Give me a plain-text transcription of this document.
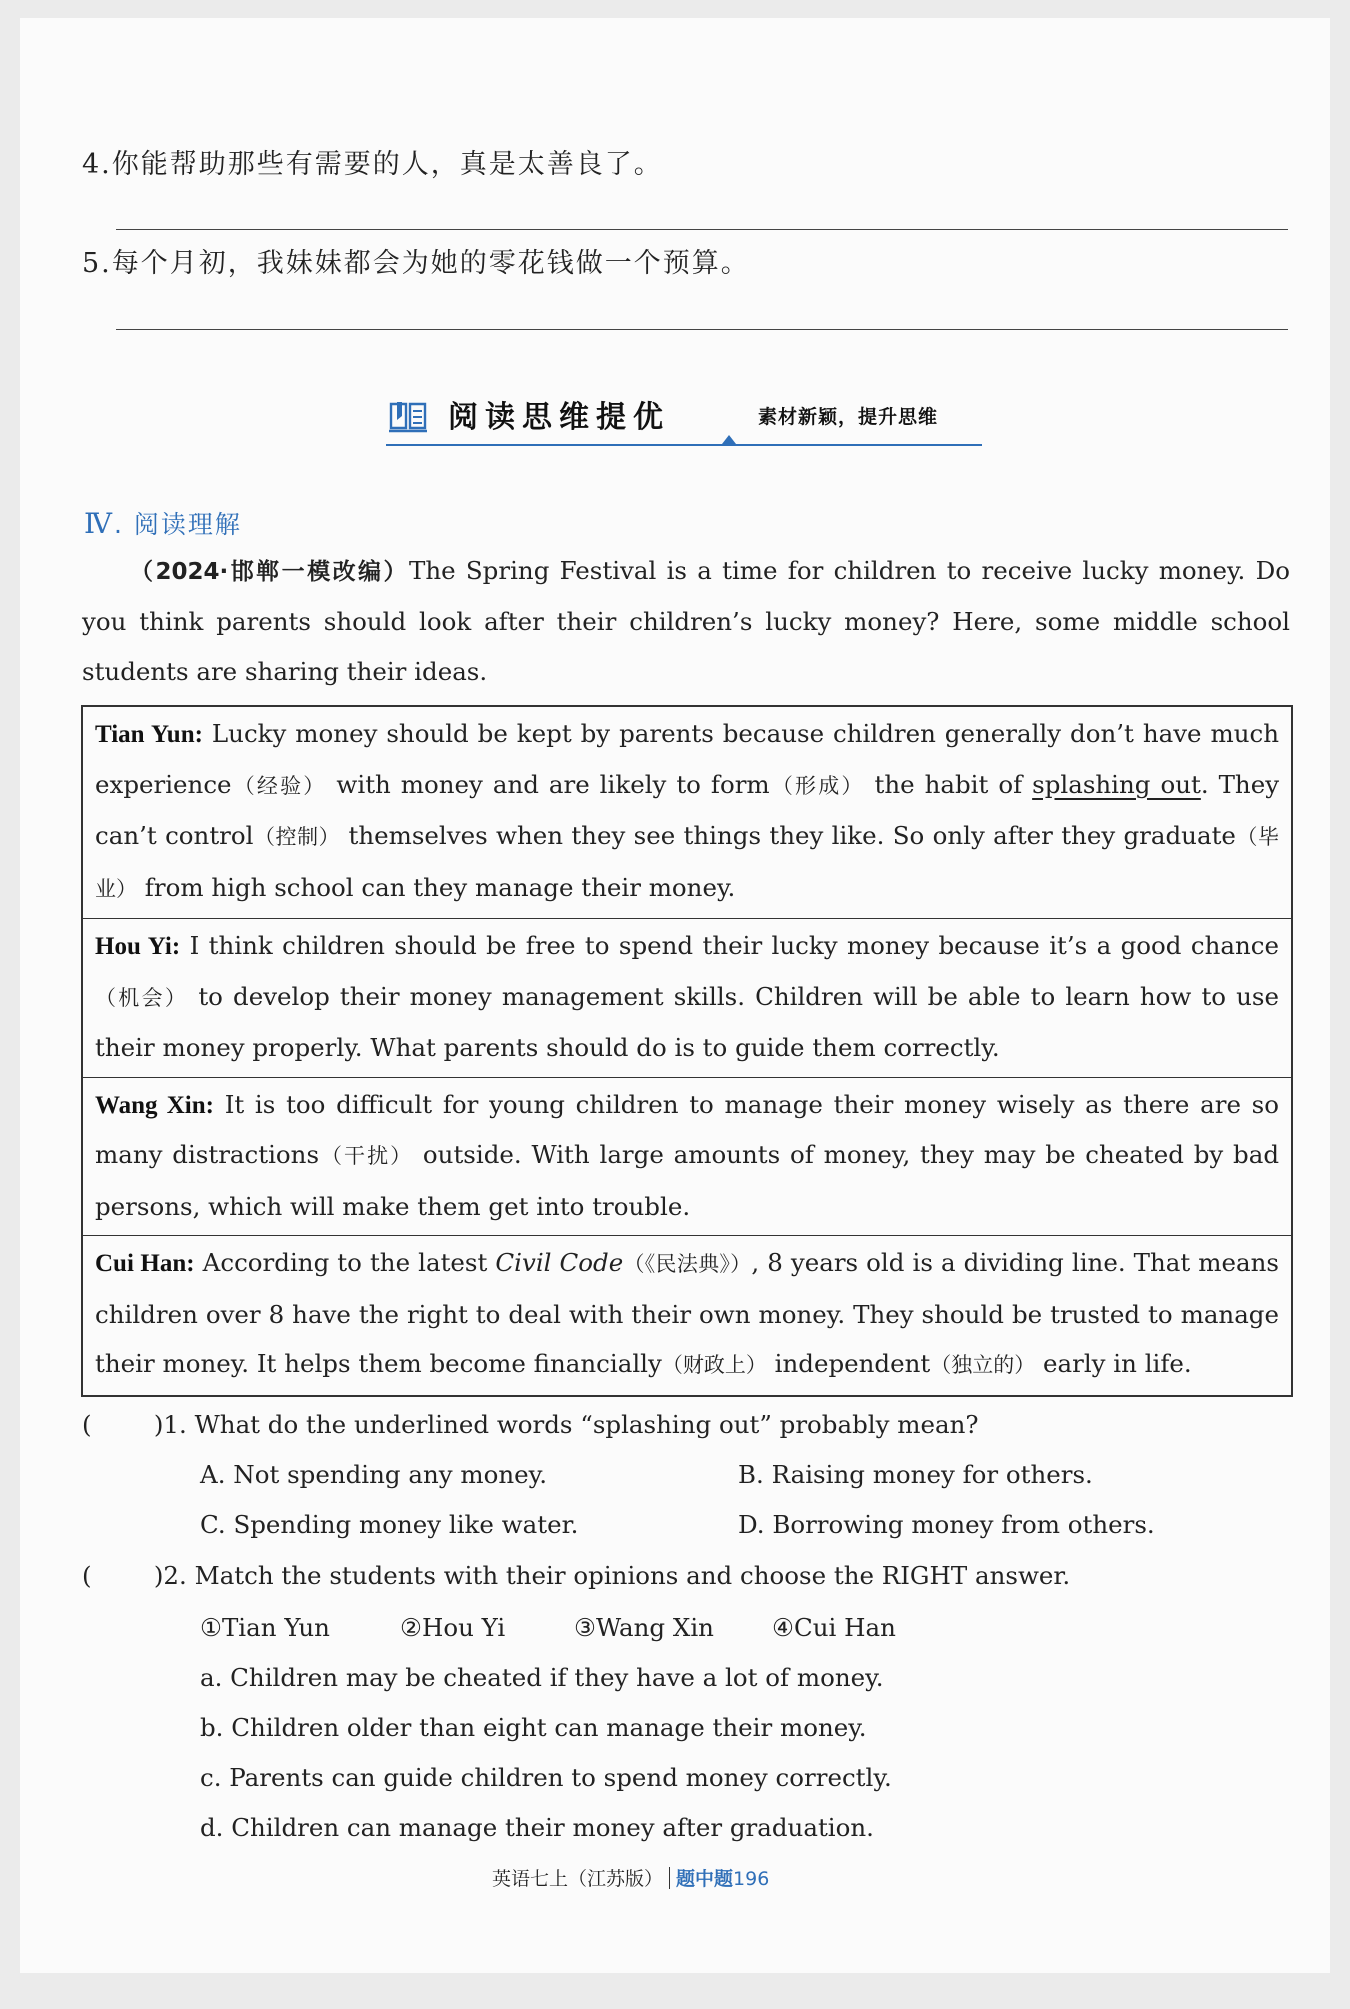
4.你能帮助那些有需要的人，真是太善良了。
5.每个月初，我妹妹都会为她的零花钱做一个预算。
阅读思维提优	素材新颖，提升思维
Ⅳ. 阅读理解
（2024·邯郸一模改编）The Spring Festival is a time for children to receive lucky money. Do you think parents should look after their children’s lucky money? Here, some middle school students are sharing their ideas.
Tian Yun: Lucky money should be kept by parents because children generally don’t have much experience（经验） with money and are likely to form（形成） the habit of splashing out. They can’t control（控制） themselves when they see things they like. So only after they graduate（毕业） from high school can they manage their money.
Hou Yi: I think children should be free to spend their lucky money because it’s a good chance（机会） to develop their money management skills. Children will be able to learn how to use their money properly. What parents should do is to guide them correctly.
Wang Xin: It is too difficult for young children to manage their money wisely as there are so many distractions（干扰） outside. With large amounts of money, they may be cheated by bad persons, which will make them get into trouble.
Cui Han: According to the latest Civil Code（《民法典》）, 8 years old is a dividing line. That means children over 8 have the right to deal with their own money. They should be trusted to manage their money. It helps them become financially（财政上） independent（独立的） early in life.
(        )1. What do the underlined words “splashing out” probably mean?
A. Not spending any money.	B. Raising money for others.
C. Spending money like water.	D. Borrowing money from others.
(        )2. Match the students with their opinions and choose the RIGHT answer.
①Tian Yun	②Hou Yi	③Wang Xin ④Cui Han
a. Children may be cheated if they have a lot of money.
b. Children older than eight can manage their money.
c. Parents can guide children to spend money correctly.
d. Children can manage their money after graduation.
英语七上（江苏版） 题中题196
